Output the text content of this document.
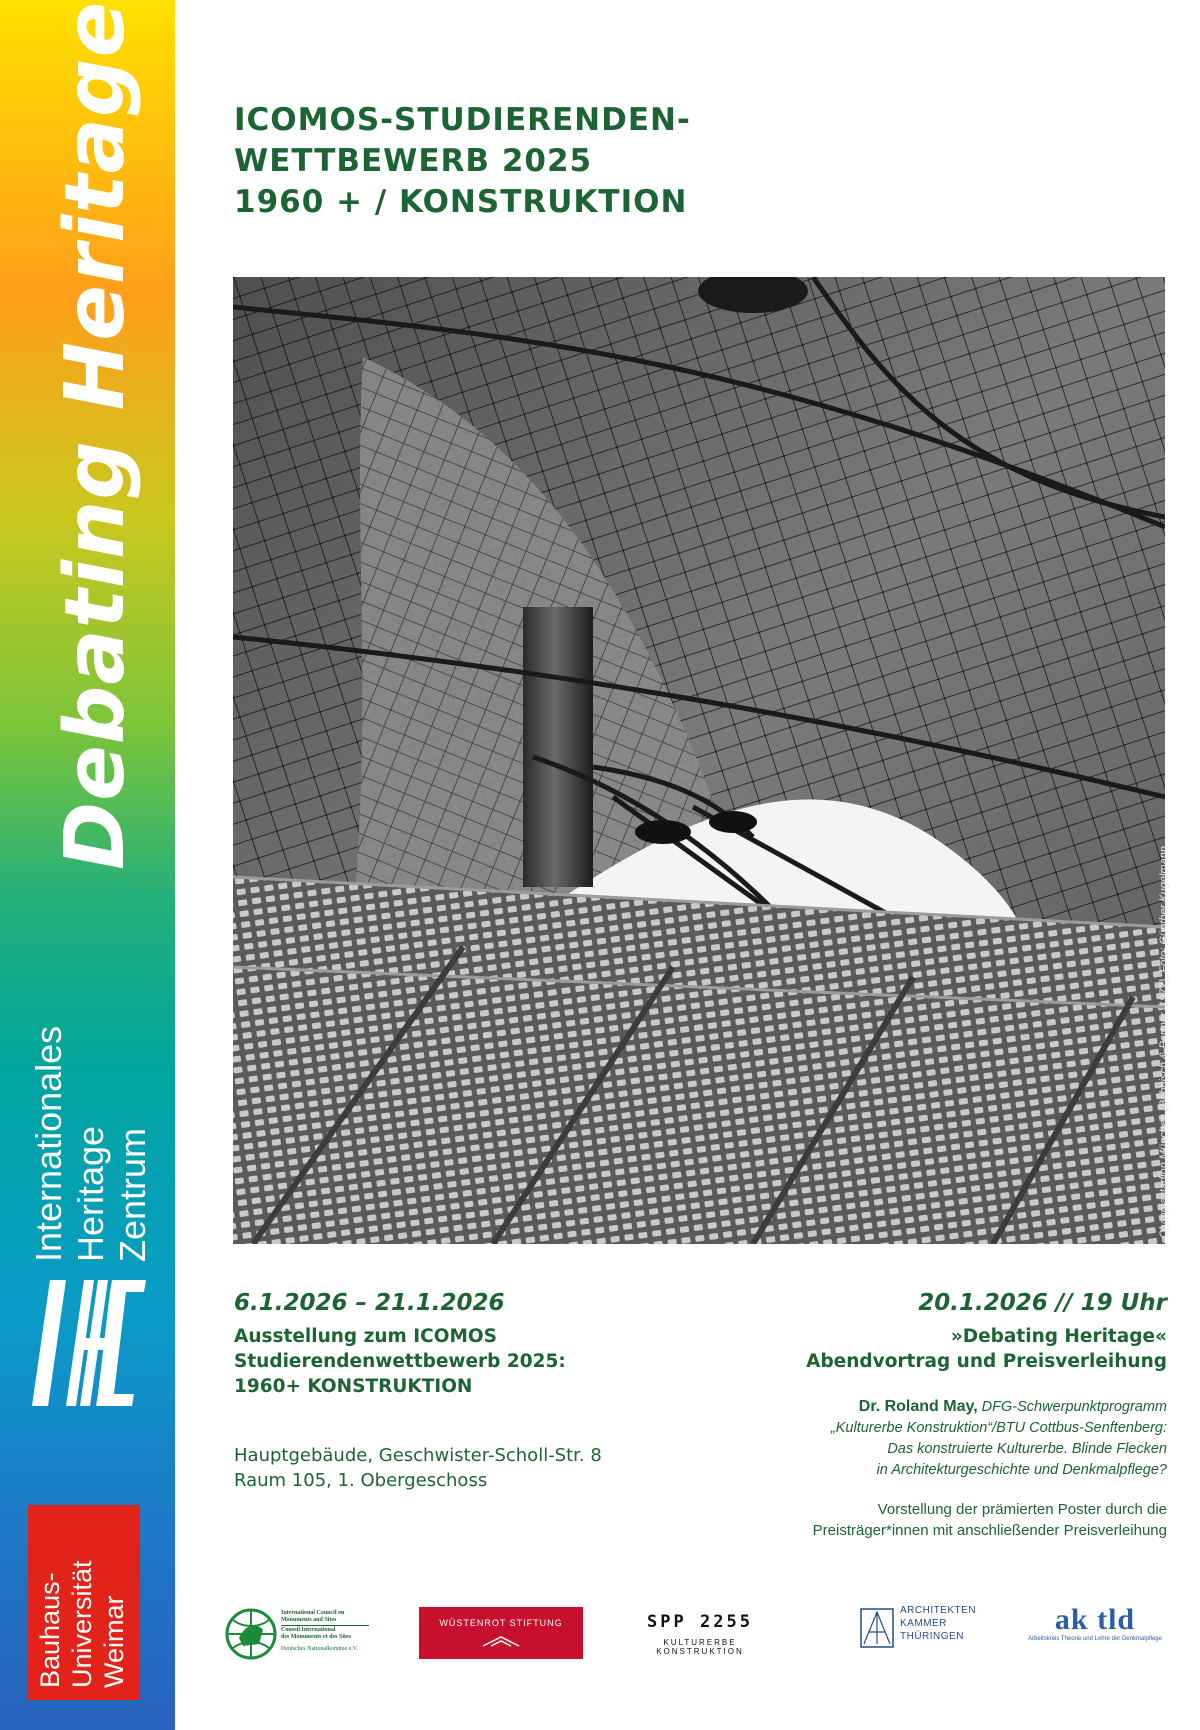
Debating Heritage
Internationales Heritage Zentrum
Bauhaus- Universität Weimar
ICOMOS-STUDIERENDEN-
WETTBEWERB 2025
1960 + / KONSTRUKTION
Olympiastadion München (Behnisch & Partner, 1972), Foto: Günther Kugelmann
6.1.2026 – 21.1.2026
Ausstellung zum ICOMOS
Studierendenwettbewerb 2025:
1960+ KONSTRUKTION
Hauptgebäude, Geschwister-Scholl-Str. 8
Raum 105, 1. Obergeschoss
20.1.2026 // 19 Uhr
»Debating Heritage«
Abendvortrag und Preisverleihung
Dr. Roland May, DFG-Schwerpunktprogramm
„Kulturerbe Konstruktion“/BTU Cottbus-Senftenberg:
Das konstruierte Kulturerbe. Blinde Flecken
in Architekturgeschichte und Denkmalpflege?
Vorstellung der prämierten Poster durch die
Preisträger*innen mit anschließender Preisverleihung
International Council on
Monuments and Sites
Conseil International
des Monuments et des Sites
Deutsches Nationalkomitee e.V.
WÜSTENROT STIFTUNG	SPP 2255
KULTURERBE KONSTRUKTION
ARCHITEKTEN
KAMMER
THÜRINGEN
ak tld
Arbeitskreis Theorie und Lehre der Denkmalpflege
